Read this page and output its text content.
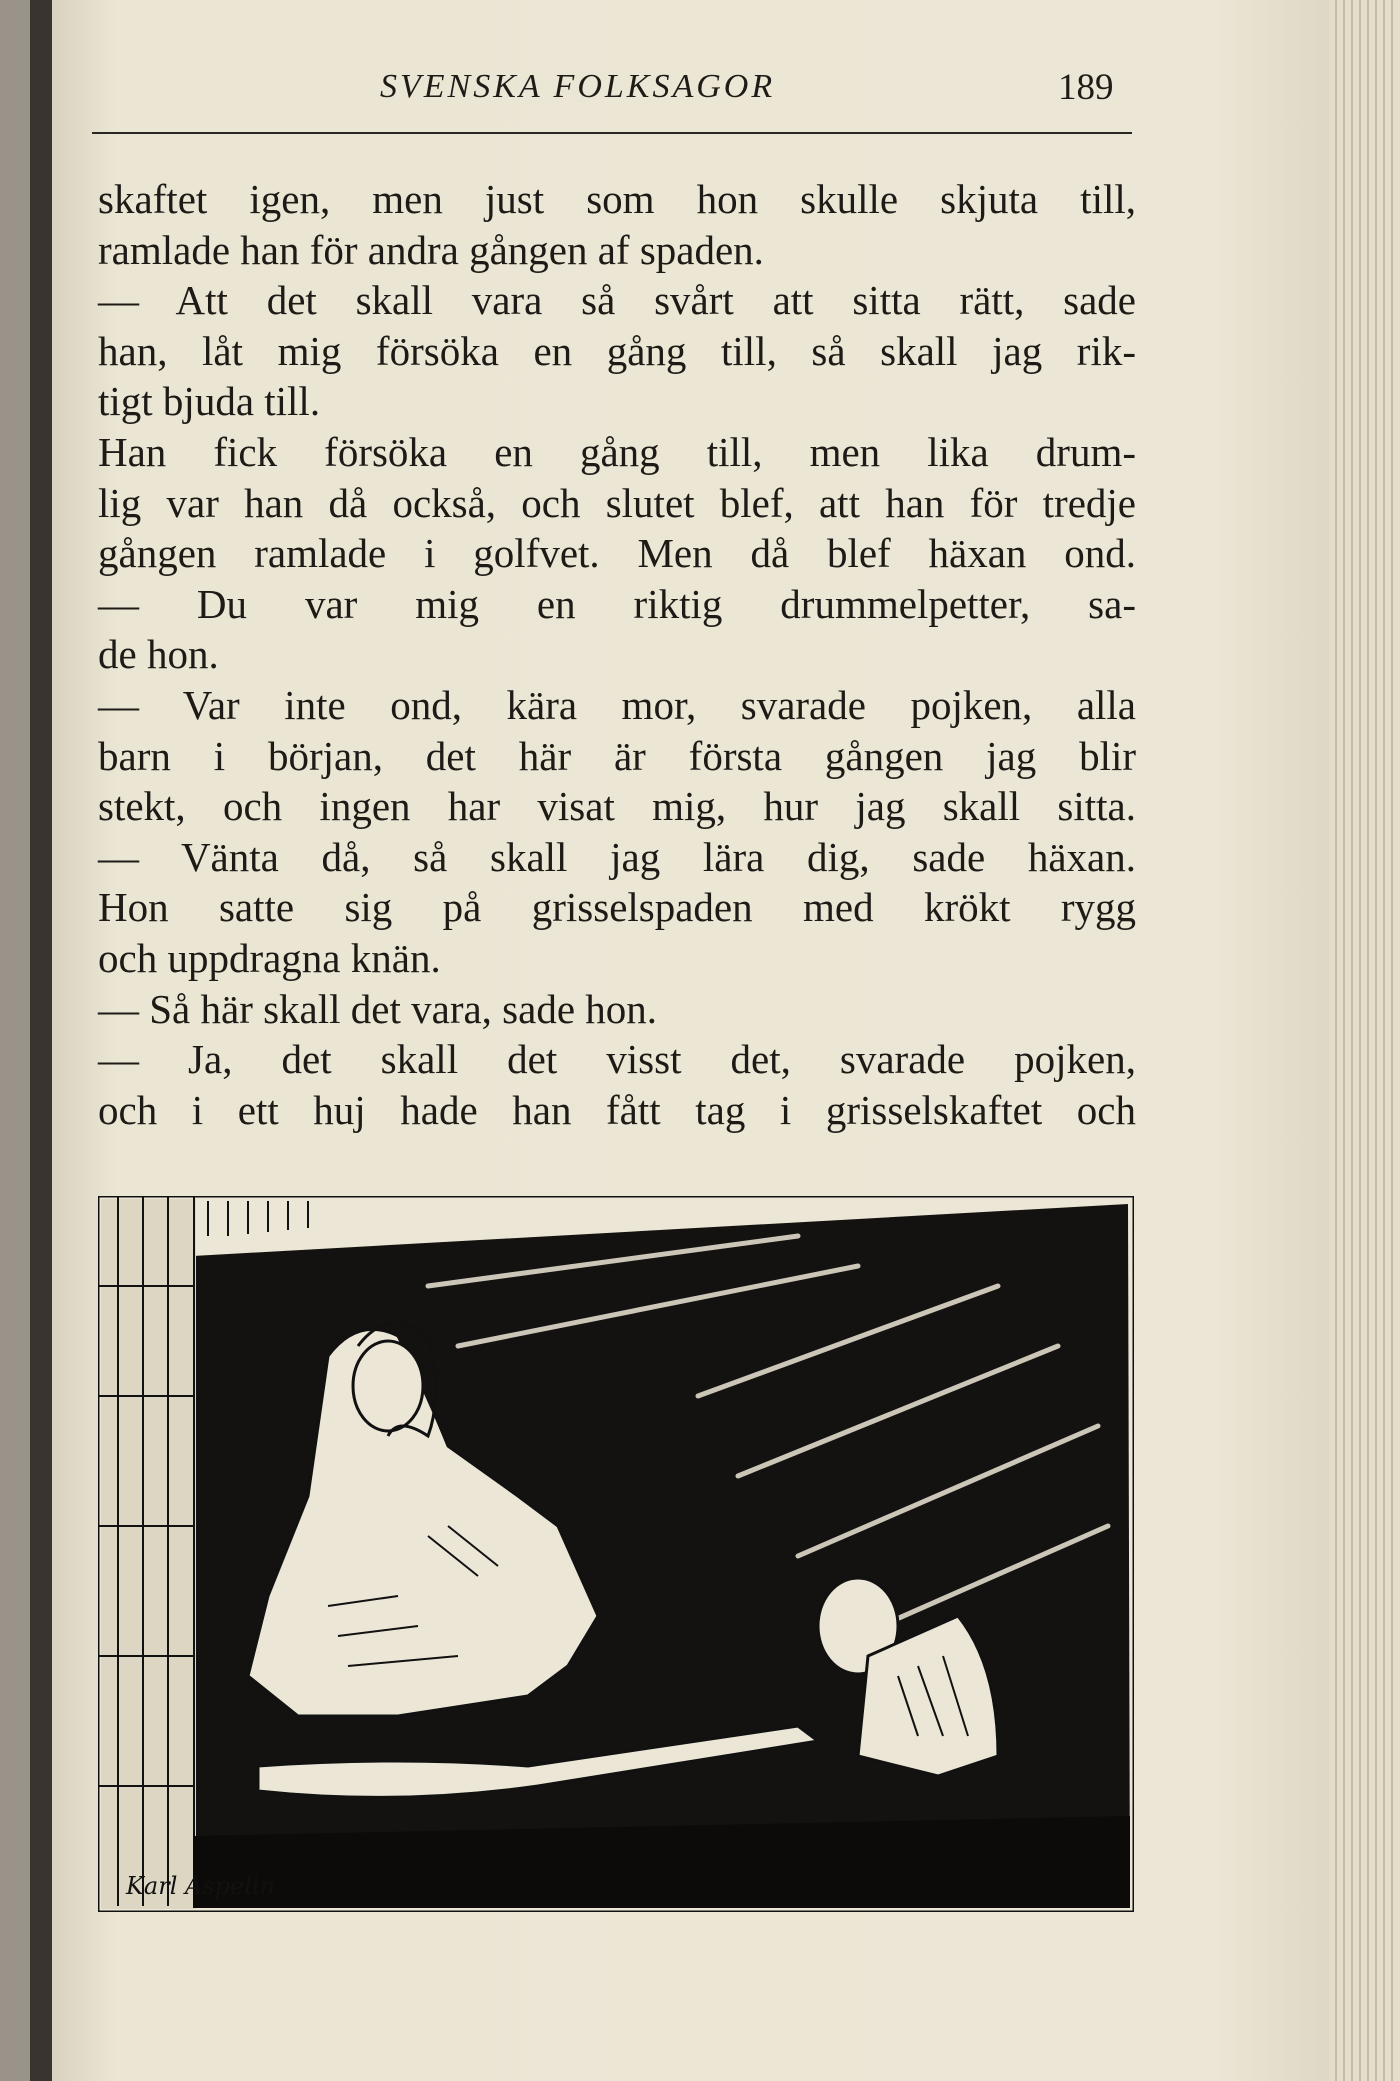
SVENSKA FOLKSAGOR	189
skaftet igen, men just som hon skulle skjuta till,
ramlade han för andra gången af spaden.
— Att det skall vara så svårt att sitta rätt, sade
han, låt mig försöka en gång till, så skall jag rik-
tigt bjuda till.
Han fick försöka en gång till, men lika drum-
lig var han då också, och slutet blef, att han för tredje
gången ramlade i golfvet. Men då blef häxan ond.
— Du var mig en riktig drummelpetter, sa-
de hon.
— Var inte ond, kära mor, svarade pojken, alla
barn i början, det här är första gången jag blir
stekt, och ingen har visat mig, hur jag skall sitta.
— Vänta då, så skall jag lära dig, sade häxan.
Hon satte sig på grisselspaden med krökt rygg
och uppdragna knän.
— Så här skall det vara, sade hon.
— Ja, det skall det visst det, svarade pojken,
och i ett huj hade han fått tag i grisselskaftet och
Karl Aspelin
